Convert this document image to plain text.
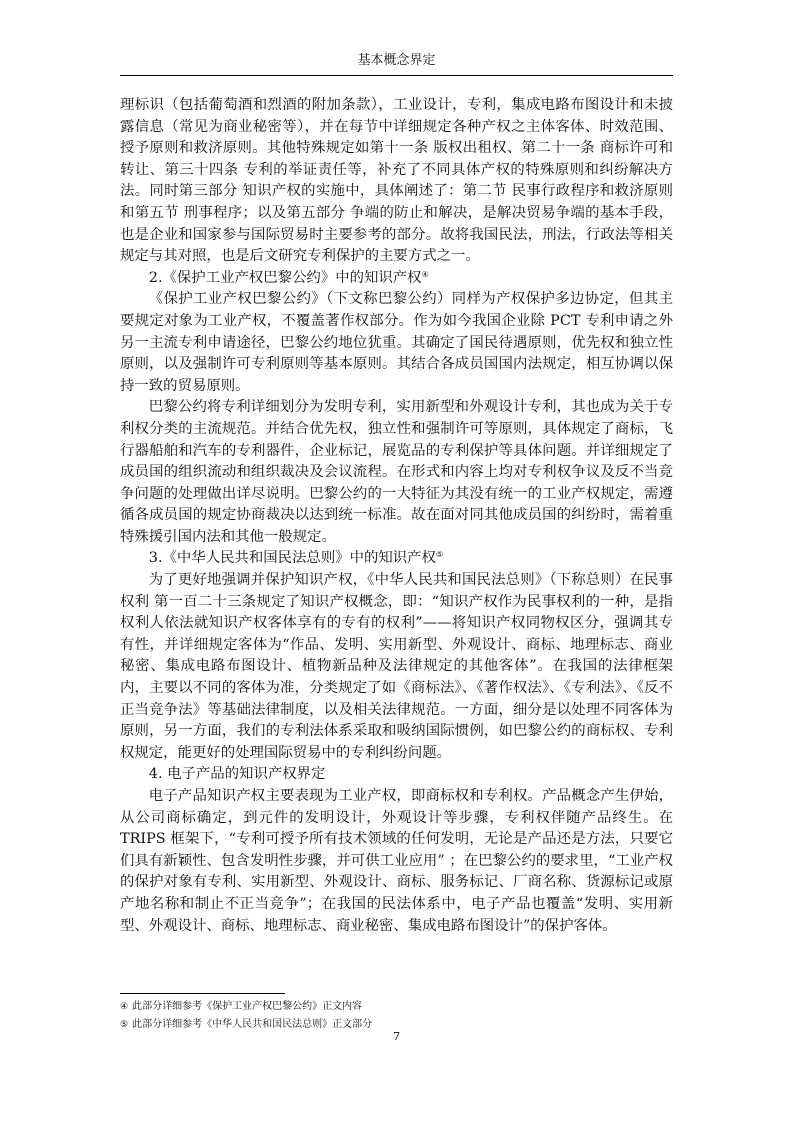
基本概念界定

理标识（包括葡萄酒和烈酒的附加条款），工业设计，专利，集成电路布图设计和未披露信息（常见为商业秘密等），并在每节中详细规定各种产权之主体客体、时效范围、授予原则和救济原则。其他特殊规定如第十一条 版权出租权、第二十一条 商标许可和转让、第三十四条 专利的举证责任等，补充了不同具体产权的特殊原则和纠纷解决方法。同时第三部分 知识产权的实施中，具体阐述了：第二节 民事行政程序和救济原则和第五节 刑事程序；以及第五部分 争端的防止和解决，是解决贸易争端的基本手段，也是企业和国家参与国际贸易时主要参考的部分。故将我国民法，刑法，行政法等相关规定与其对照，也是后文研究专利保护的主要方式之一。

2.《保护工业产权巴黎公约》中的知识产权④

《保护工业产权巴黎公约》（下文称巴黎公约）同样为产权保护多边协定，但其主要规定对象为工业产权，不覆盖著作权部分。作为如今我国企业除 PCT 专利申请之外另一主流专利申请途径，巴黎公约地位犹重。其确定了国民待遇原则，优先权和独立性原则，以及强制许可专利原则等基本原则。其结合各成员国国内法规定，相互协调以保持一致的贸易原则。

巴黎公约将专利详细划分为发明专利，实用新型和外观设计专利，其也成为关于专利权分类的主流规范。并结合优先权，独立性和强制许可等原则，具体规定了商标，飞行器船舶和汽车的专利器件，企业标记，展览品的专利保护等具体问题。并详细规定了成员国的组织流动和组织裁决及会议流程。在形式和内容上均对专利权争议及反不当竞争问题的处理做出详尽说明。巴黎公约的一大特征为其没有统一的工业产权规定，需遵循各成员国的规定协商裁决以达到统一标准。故在面对同其他成员国的纠纷时，需着重特殊援引国内法和其他一般规定。

3.《中华人民共和国民法总则》中的知识产权⑤

为了更好地强调并保护知识产权，《中华人民共和国民法总则》（下称总则）在民事权利 第一百二十三条规定了知识产权概念，即：“知识产权作为民事权利的一种，是指权利人依法就知识产权客体享有的专有的权利”——将知识产权同物权区分，强调其专有性，并详细规定客体为“作品、发明、实用新型、外观设计、商标、地理标志、商业秘密、集成电路布图设计、植物新品种及法律规定的其他客体”。在我国的法律框架内，主要以不同的客体为准，分类规定了如《商标法》、《著作权法》、《专利法》、《反不正当竞争法》等基础法律制度，以及相关法律规范。一方面，细分是以处理不同客体为原则，另一方面，我们的专利法体系采取和吸纳国际惯例，如巴黎公约的商标权、专利权规定，能更好的处理国际贸易中的专利纠纷问题。

4. 电子产品的知识产权界定

电子产品知识产权主要表现为工业产权，即商标权和专利权。产品概念产生伊始，从公司商标确定，到元件的发明设计，外观设计等步骤，专利权伴随产品终生。在 TRIPS 框架下，“专利可授予所有技术领域的任何发明，无论是产品还是方法，只要它们具有新颖性、包含发明性步骤，并可供工业应用” ；在巴黎公约的要求里，“工业产权的保护对象有专利、实用新型、外观设计、商标、服务标记、厂商名称、货源标记或原产地名称和制止不正当竞争”；在我国的民法体系中，电子产品也覆盖“发明、实用新型、外观设计、商标、地理标志、商业秘密、集成电路布图设计”的保护客体。

④ 此部分详细参考《保护工业产权巴黎公约》正文内容
⑤ 此部分详细参考《中华人民共和国民法总则》正文部分
7
